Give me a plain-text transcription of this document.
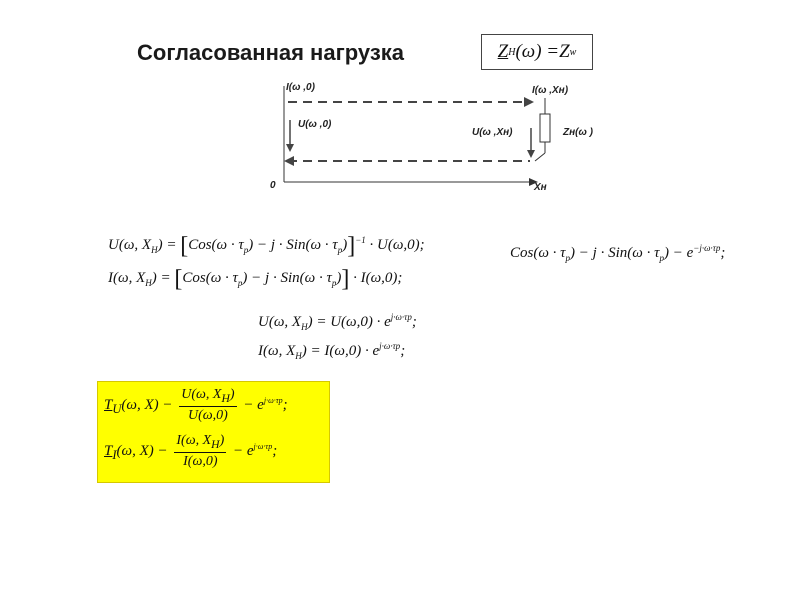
Согласованная нагрузка	Z H (ω) = Z w
I(ω ,0)
U(ω ,0)
I(ω ,Xн)
U(ω ,Xн)	Zн(ω )
0	Xн
U(ω, $X_H) = [Cos(\omega \cdot \tau_p) - j \cdot Sin(\omega \cdot \tau_p)]^{-1} \cdot U(\omega,0)$;
I(ω, $X_H) = [Cos(\omega \cdot \tau_p) - j \cdot Sin(\omega \cdot \tau_p)] \cdot I(\omega,0)$;
$Cos(\omega \cdot \tau_p) - j \cdot Sin(\omega \cdot \tau_p) - e^{-j\cdot\omega\cdot\tau p}$;
U(ω, $X_H) = U(\omega,0) \cdot e^{j\cdot\omega\cdot\tau p}$;
I(ω, $X_H) = I(\omega,0) \cdot e^{j\cdot\omega\cdot\tau p}$;
$T_U(\omega$, $X) - \frac{U(\omega, X_H)}{U(\omega,0)} - e^{j\cdot\omega\cdot\tau p}$;
$T_I(\omega$, $X) - \frac{I(\omega, X_H)}{I(\omega,0)} - e^{j\cdot\omega\cdot\tau p}$;
